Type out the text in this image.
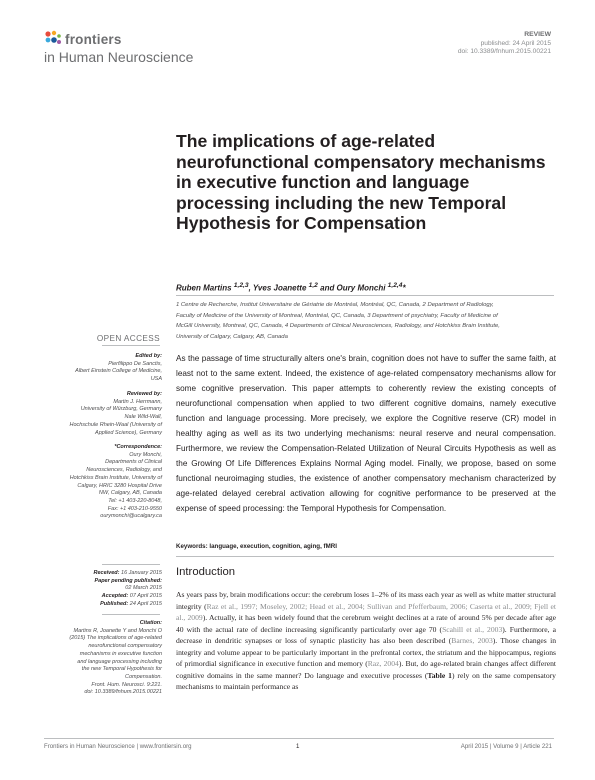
frontiers
in Human Neuroscience
REVIEW
published: 24 April 2015
doi: 10.3389/fnhum.2015.00221
The implications of age-related neurofunctional compensatory mechanisms in executive function and language processing including the new Temporal Hypothesis for Compensation
Ruben Martins $^{1,2,3}$, Yves Joanette $^{1,2}$ and Oury Monchi $^{1,2,4}$*
1 Centre de Recherche, Institut Universitaire de Gériatrie de Montréal, Montréal, QC, Canada, 2 Department of Radiology,
Faculty of Medicine of the University of Montreal, Montréal, QC, Canada, 3 Department of psychiatry, Faculty of Medicine of
McGill University, Montreal, QC, Canada, 4 Departments of Clinical Neurosciences, Radiology, and Hotchkiss Brain Institute,
University of Calgary, Calgary, AB, Canada
OPEN ACCESS
Edited by:
Pierfilippo De Sanctis,
Albert Einstein College of Medicine,
USA
Reviewed by:
Martin J. Herrmann,
University of Würzburg, Germany
Nale Wild-Wall,
Hochschule Rhein-Waal (University of
Applied Science), Germany
*Correspondence:
Oury Monchi,
Departments of Clinical
Neurosciences, Radiology, and
Hotchkiss Brain Institute, University of
Calgary, HRIC 3280 Hospital Drive
NW, Calgary, AB, Canada
Tel: +1 403-220-8048,
Fax: +1 403-210-9550
ourymonchi@ucalgary.ca
Received: 16 January 2015
Paper pending published:
02 March 2015
Accepted: 07 April 2015
Published: 24 April 2015
Citation:
Martins R, Joanette Y and Monchi O
(2015) The implications of age-related
neurofunctional compensatory
mechanisms in executive function
and language processing including
the new Temporal Hypothesis for
Compensation.
Front. Hum. Neurosci. 9:221.
doi: 10.3389/fnhum.2015.00221
As the passage of time structurally alters one's brain, cognition does not have to suffer the same faith, at least not to the same extent. Indeed, the existence of age-related compensatory mechanisms allow for some cognitive preservation. This paper attempts to coherently review the existing concepts of neurofunctional compensation when applied to two different cognitive domains, namely executive function and language processing. More precisely, we explore the Cognitive reserve (CR) model in healthy aging as well as its two underlying mechanisms: neural reserve and neural compensation. Furthermore, we review the Compensation-Related Utilization of Neural Circuits Hypothesis as well as the Growing Of Life Differences Explains Normal Aging model. Finally, we propose, based on some functional neuroimaging studies, the existence of another compensatory mechanism characterized by age-related delayed cerebral activation allowing for cognitive performance to be preserved at the expense of speed processing: the Temporal Hypothesis for Compensation.
Keywords: language, execution, cognition, aging, fMRI
Introduction

As years pass by, brain modifications occur: the cerebrum loses 1–2% of its mass each year as well as white matter structural integrity (Raz et al., 1997; Moseley, 2002; Head et al., 2004; Sullivan and Pfefferbaum, 2006; Caserta et al., 2009; Fjell et al., 2009). Actually, it has been widely found that the cerebrum weight declines at a rate of around 5% per decade after age 40 with the actual rate of decline increasing significantly particularly over age 70 (Scahill et al., 2003). Furthermore, a decrease in dendritic synapses or loss of synaptic plasticity has also been described (Barnes, 2003). Those changes in integrity and volume appear to be particularly important in the prefrontal cortex, the striatum and the hippocampus, regions of primordial significance in executive function and memory (Raz, 2004). But, do age-related brain changes affect different cognitive domains in the same manner? Do language and executive processes (Table 1) rely on the same compensatory mechanisms to maintain performance as

Frontiers in Human Neuroscience | www.frontiersin.org	1	April 2015 | Volume 9 | Article 221
